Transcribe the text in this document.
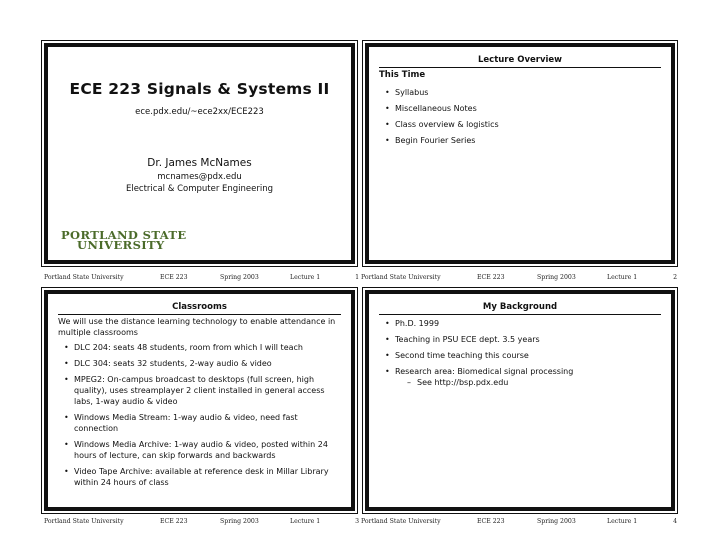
ECE 223 Signals & Systems II
ece.pdx.edu/~ece2xx/ECE223
Dr. James McNames
mcnames@pdx.edu
Electrical & Computer Engineering
PORTLAND STATE
UNIVERSITY
Lecture Overview
This Time
• Syllabus
• Miscellaneous Notes
• Class overview & logistics
• Begin Fourier Series
Classrooms
We will use the distance learning technology to enable attendance in multiple classrooms
• DLC 204: seats 48 students, room from which I will teach
• DLC 304: seats 32 students, 2-way audio & video
• MPEG2: On-campus broadcast to desktops (full screen, high quality), uses streamplayer 2 client installed in general access labs, 1-way audio & video
• Windows Media Stream: 1-way audio & video, need fast connection
• Windows Media Archive: 1-way audio & video, posted within 24 hours of lecture, can skip forwards and backwards
• Video Tape Archive: available at reference desk in Millar Library within 24 hours of class
My Background
• Ph.D. 1999
• Teaching in PSU ECE dept. 3.5 years
• Second time teaching this course
• Research area: Biomedical signal processing
– See http://bsp.pdx.edu
Portland State University	ECE 223	Spring 2003	Lecture 1	1 Portland State University	ECE 223	Spring 2003	Lecture 1	2
Portland State University	ECE 223	Spring 2003	Lecture 1	3 Portland State University	ECE 223	Spring 2003	Lecture 1	4
